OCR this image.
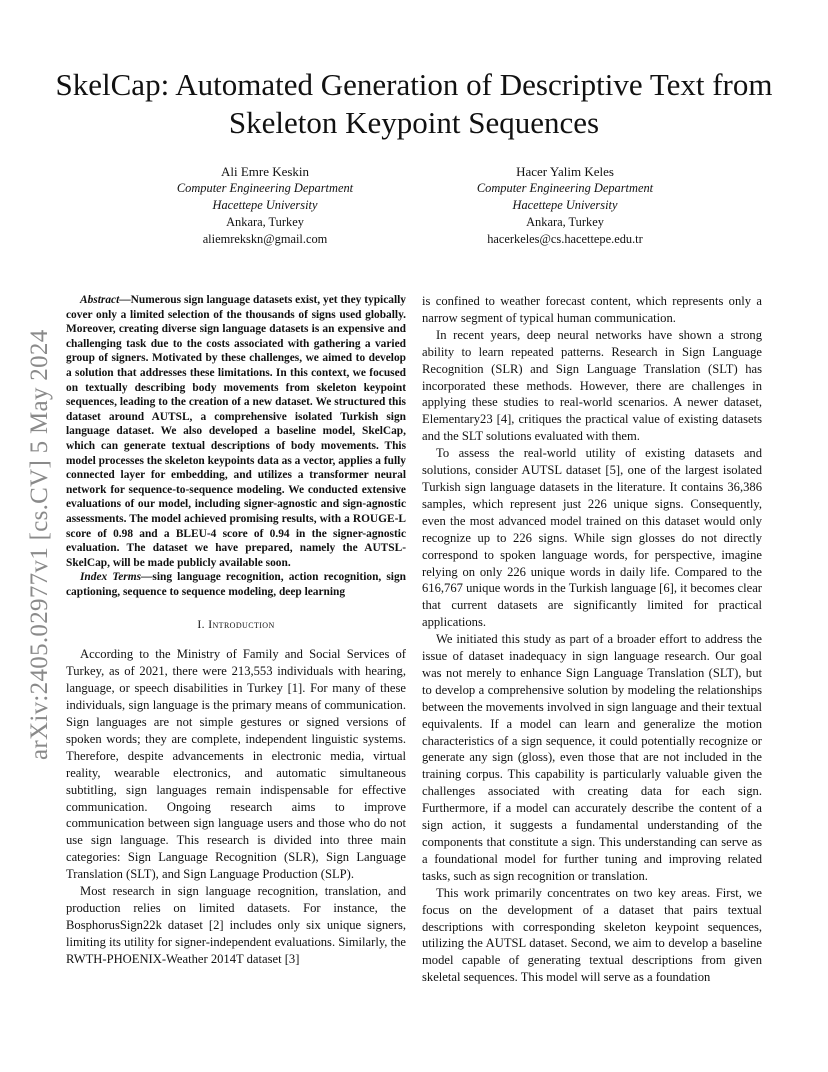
SkelCap: Automated Generation of Descriptive Text from Skeleton Keypoint Sequences
Ali Emre Keskin
Computer Engineering Department
Hacettepe University
Ankara, Turkey
aliemrekskn@gmail.com
Hacer Yalim Keles
Computer Engineering Department
Hacettepe University
Ankara, Turkey
hacerkeles@cs.hacettepe.edu.tr
arXiv:2405.02977v1 [cs.CV] 5 May 2024

Abstract—Numerous sign language datasets exist, yet they typically cover only a limited selection of the thousands of signs used globally. Moreover, creating diverse sign language datasets is an expensive and challenging task due to the costs associated with gathering a varied group of signers. Motivated by these challenges, we aimed to develop a solution that addresses these limitations. In this context, we focused on textually describing body movements from skeleton keypoint sequences, leading to the creation of a new dataset. We structured this dataset around AUTSL, a comprehensive isolated Turkish sign language dataset. We also developed a baseline model, SkelCap, which can generate textual descriptions of body movements. This model processes the skeleton keypoints data as a vector, applies a fully connected layer for embedding, and utilizes a transformer neural network for sequence-to-sequence modeling. We conducted extensive evaluations of our model, including signer-agnostic and sign-agnostic assessments. The model achieved promising results, with a ROUGE-L score of 0.98 and a BLEU-4 score of 0.94 in the signer-agnostic evaluation. The dataset we have prepared, namely the AUTSL-SkelCap, will be made publicly available soon.

Index Terms—sing language recognition, action recognition, sign captioning, sequence to sequence modeling, deep learning

I. Introduction

According to the Ministry of Family and Social Services of Turkey, as of 2021, there were 213,553 individuals with hearing, language, or speech disabilities in Turkey [1]. For many of these individuals, sign language is the primary means of communication. Sign languages are not simple gestures or signed versions of spoken words; they are complete, independent linguistic systems. Therefore, despite advancements in electronic media, virtual reality, wearable electronics, and automatic simultaneous subtitling, sign languages remain indispensable for effective communication. Ongoing research aims to improve communication between sign language users and those who do not use sign language. This research is divided into three main categories: Sign Language Recognition (SLR), Sign Language Translation (SLT), and Sign Language Production (SLP).

Most research in sign language recognition, translation, and production relies on limited datasets. For instance, the BosphorusSign22k dataset [2] includes only six unique signers, limiting its utility for signer-independent evaluations. Similarly, the RWTH-PHOENIX-Weather 2014T dataset [3]

is confined to weather forecast content, which represents only a narrow segment of typical human communication.

In recent years, deep neural networks have shown a strong ability to learn repeated patterns. Research in Sign Language Recognition (SLR) and Sign Language Translation (SLT) has incorporated these methods. However, there are challenges in applying these studies to real-world scenarios. A newer dataset, Elementary23 [4], critiques the practical value of existing datasets and the SLT solutions evaluated with them.

To assess the real-world utility of existing datasets and solutions, consider AUTSL dataset [5], one of the largest isolated Turkish sign language datasets in the literature. It contains 36,386 samples, which represent just 226 unique signs. Consequently, even the most advanced model trained on this dataset would only recognize up to 226 signs. While sign glosses do not directly correspond to spoken language words, for perspective, imagine relying on only 226 unique words in daily life. Compared to the 616,767 unique words in the Turkish language [6], it becomes clear that current datasets are significantly limited for practical applications.

We initiated this study as part of a broader effort to address the issue of dataset inadequacy in sign language research. Our goal was not merely to enhance Sign Language Translation (SLT), but to develop a comprehensive solution by modeling the relationships between the movements involved in sign language and their textual equivalents. If a model can learn and generalize the motion characteristics of a sign sequence, it could potentially recognize or generate any sign (gloss), even those that are not included in the training corpus. This capability is particularly valuable given the challenges associated with creating data for each sign. Furthermore, if a model can accurately describe the content of a sign action, it suggests a fundamental understanding of the components that constitute a sign. This understanding can serve as a foundational model for further tuning and improving related tasks, such as sign recognition or translation.

This work primarily concentrates on two key areas. First, we focus on the development of a dataset that pairs textual descriptions with corresponding skeleton keypoint sequences, utilizing the AUTSL dataset. Second, we aim to develop a baseline model capable of generating textual descriptions from given skeletal sequences. This model will serve as a foundation
